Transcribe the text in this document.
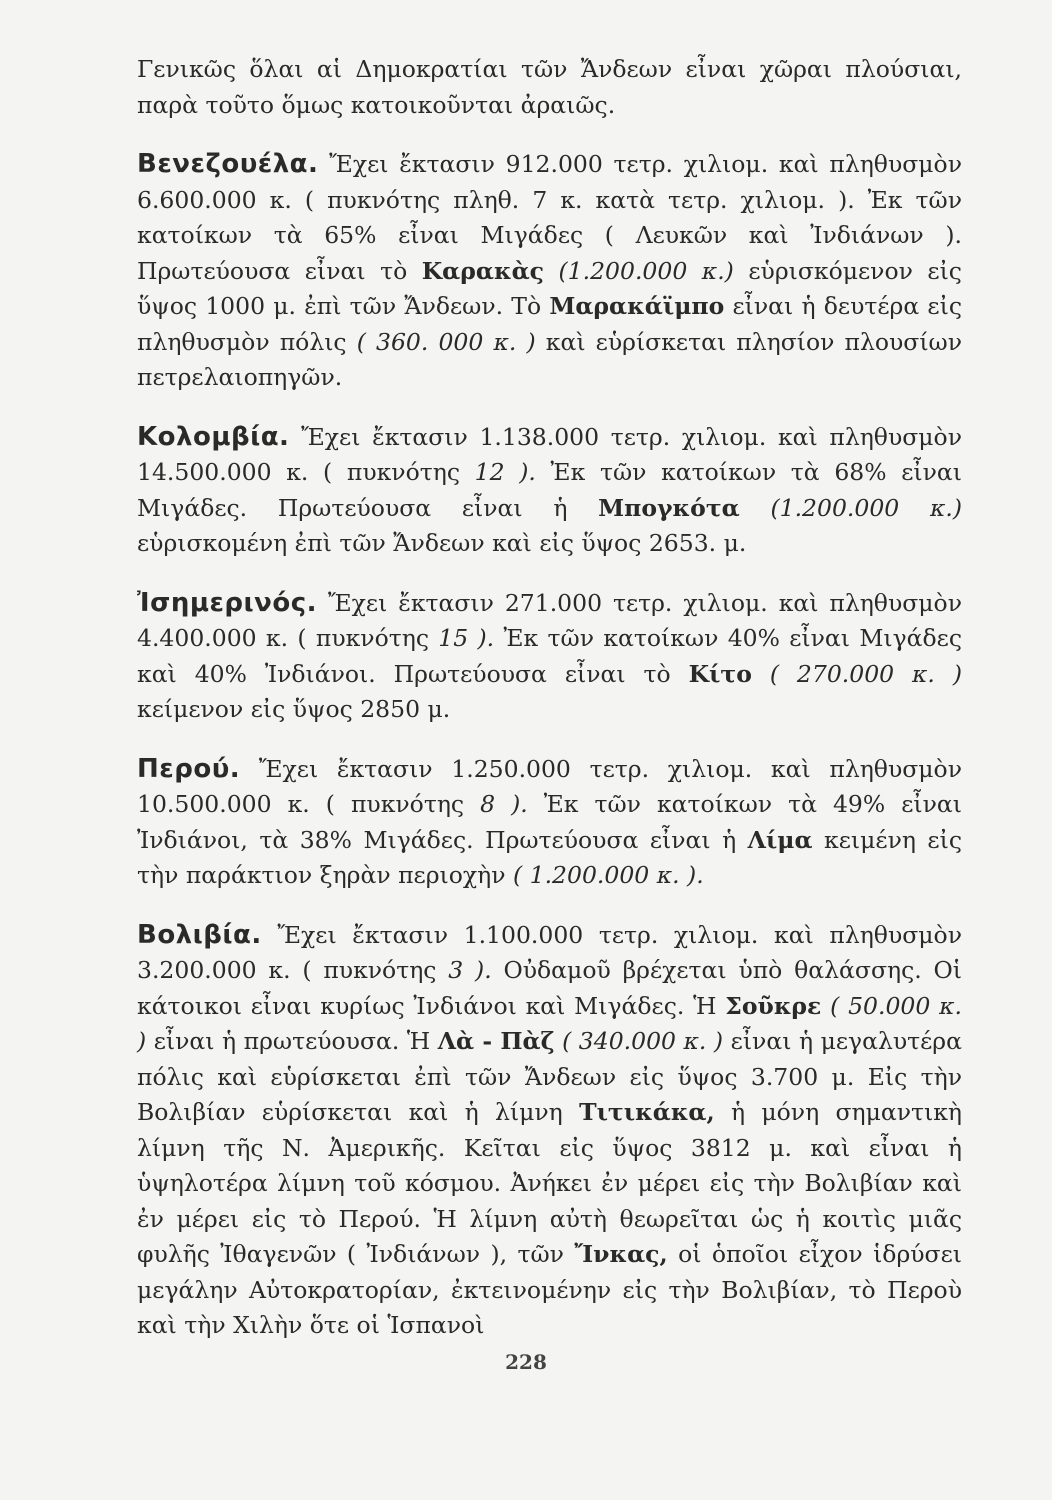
Γενικῶς ὅλαι αἱ Δημοκρατίαι τῶν Ἄνδεων εἶναι χῶραι πλούσιαι, παρὰ τοῦτο ὅμως κατοικοῦνται ἀραιῶς.

Βενεζουέλα. Ἔχει ἔκτασιν 912.000 τετρ. χιλιομ. καὶ πληθυσμὸν 6.600.000 κ. ( πυκνότης πληθ. 7 κ. κατὰ τετρ. χιλιομ. ). Ἐκ τῶν κατοίκων τὰ 65% εἶναι Μιγάδες ( Λευκῶν καὶ Ἰνδιάνων ). Πρωτεύουσα εἶναι τὸ Καρακὰς (1.200.000 κ.) εὑρισκόμενον εἰς ὕψος 1000 μ. ἐπὶ τῶν Ἄνδεων. Τὸ Μαρακάϊμπο εἶναι ἡ δευτέρα εἰς πληθυσμὸν πόλις ( 360. 000 κ. ) καὶ εὑρίσκεται πλησίον πλουσίων πετρελαιοπηγῶν.

Κολομβία. Ἔχει ἔκτασιν 1.138.000 τετρ. χιλιομ. καὶ πληθυσμὸν 14.500.000 κ. ( πυκνότης 12 ). Ἐκ τῶν κατοίκων τὰ 68% εἶναι Μιγάδες. Πρωτεύουσα εἶναι ἡ Μπογκότα (1.200.000 κ.) εὑρισκομένη ἐπὶ τῶν Ἄνδεων καὶ εἰς ὕψος 2653. μ.

Ἰσημερινός. Ἔχει ἔκτασιν 271.000 τετρ. χιλιομ. καὶ πληθυσμὸν 4.400.000 κ. ( πυκνότης 15 ). Ἐκ τῶν κατοίκων 40% εἶναι Μιγάδες καὶ 40% Ἰνδιάνοι. Πρωτεύουσα εἶναι τὸ Κίτο ( 270.000 κ. ) κείμενον εἰς ὕψος 2850 μ.

Περού. Ἔχει ἔκτασιν 1.250.000 τετρ. χιλιομ. καὶ πληθυσμὸν 10.500.000 κ. ( πυκνότης 8 ). Ἐκ τῶν κατοίκων τὰ 49% εἶναι Ἰνδιάνοι, τὰ 38% Μιγάδες. Πρωτεύουσα εἶναι ἡ Λίμα κειμένη εἰς τὴν παράκτιον ξηρὰν περιοχὴν ( 1.200.000 κ. ).

Βολιβία. Ἔχει ἔκτασιν 1.100.000 τετρ. χιλιομ. καὶ πληθυσμὸν 3.200.000 κ. ( πυκνότης 3 ). Οὐδαμοῦ βρέχεται ὑπὸ θαλάσσης. Οἱ κάτοικοι εἶναι κυρίως Ἰνδιάνοι καὶ Μιγάδες. Ἡ Σοῦκρε ( 50.000 κ. ) εἶναι ἡ πρωτεύουσα. Ἡ Λὰ - Πὰζ ( 340.000 κ. ) εἶναι ἡ μεγαλυτέρα πόλις καὶ εὑρίσκεται ἐπὶ τῶν Ἄνδεων εἰς ὕψος 3.700 μ. Εἰς τὴν Βολιβίαν εὑρίσκεται καὶ ἡ λίμνη Τιτικάκα, ἡ μόνη σημαντικὴ λίμνη τῆς Ν. Ἀμερικῆς. Κεῖται εἰς ὕψος 3812 μ. καὶ εἶναι ἡ ὑψηλοτέρα λίμνη τοῦ κόσμου. Ἀνήκει ἐν μέρει εἰς τὴν Βολιβίαν καὶ ἐν μέρει εἰς τὸ Περού. Ἡ λίμνη αὐτὴ θεωρεῖται ὡς ἡ κοιτὶς μιᾶς φυλῆς Ἰθαγενῶν ( Ἰνδιάνων ), τῶν Ἴνκας, οἱ ὁποῖοι εἶχον ἱδρύσει μεγάλην Αὐτοκρατορίαν, ἐκτεινομένην εἰς τὴν Βολιβίαν, τὸ Περοὺ καὶ τὴν Χιλὴν ὅτε οἱ Ἱσπανοὶ

228
